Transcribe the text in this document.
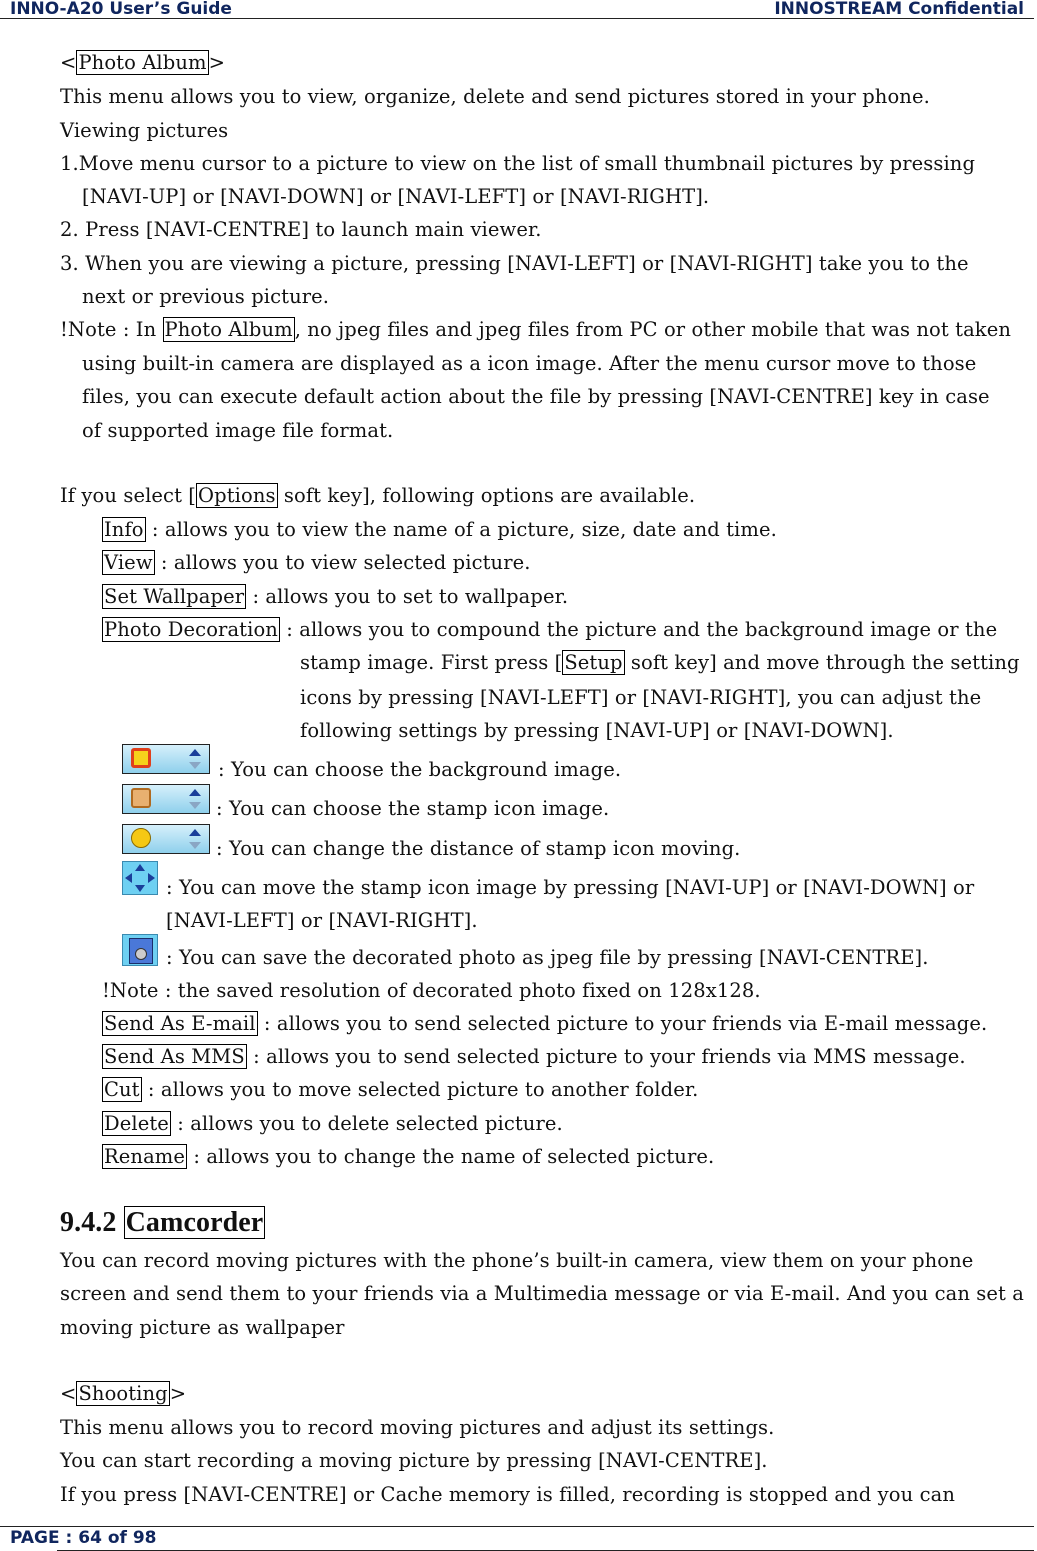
INNO-A20 User’s Guide	INNOSTREAM Confidential
< Photo Album >
This menu allows you to view, organize, delete and send pictures stored in your phone.
Viewing pictures
1.Move menu cursor to a picture to view on the list of small thumbnail pictures by pressing
[NAVI-UP] or [NAVI-DOWN] or [NAVI-LEFT] or [NAVI-RIGHT].
2. Press [NAVI-CENTRE] to launch main viewer.
3. When you are viewing a picture, pressing [NAVI-LEFT] or [NAVI-RIGHT] take you to the
next or previous picture.
!Note : In Photo Album , no jpeg files and jpeg files from PC or other mobile that was not taken
using built-in camera are displayed as a icon image. After the menu cursor move to those
files, you can execute default action about the file by pressing [NAVI-CENTRE] key in case
of supported image file format.
If you select [ Options soft key], following options are available.
Info : allows you to view the name of a picture, size, date and time.
View : allows you to view selected picture.
Set Wallpaper : allows you to set to wallpaper.
Photo Decoration : allows you to compound the picture and the background image or the
stamp image. First press [ Setup soft key] and move through the setting
icons by pressing [NAVI-LEFT] or [NAVI-RIGHT], you can adjust the
following settings by pressing [NAVI-UP] or [NAVI-DOWN].
: You can choose the background image.
: You can choose the stamp icon image.
: You can change the distance of stamp icon moving.
: You can move the stamp icon image by pressing [NAVI-UP] or [NAVI-DOWN] or
[NAVI-LEFT] or [NAVI-RIGHT].
: You can save the decorated photo as jpeg file by pressing [NAVI-CENTRE].
!Note : the saved resolution of decorated photo fixed on 128x128.
Send As E-mail : allows you to send selected picture to your friends via E-mail message.
Send As MMS : allows you to send selected picture to your friends via MMS message.
Cut : allows you to move selected picture to another folder.
Delete : allows you to delete selected picture.
Rename : allows you to change the name of selected picture.
9.4.2 Camcorder
You can record moving pictures with the phone’s built-in camera, view them on your phone
screen and send them to your friends via a Multimedia message or via E-mail. And you can set a
moving picture as wallpaper
< Shooting >
This menu allows you to record moving pictures and adjust its settings.
You can start recording a moving picture by pressing [NAVI-CENTRE].
If you press [NAVI-CENTRE] or Cache memory is filled, recording is stopped and you can
PAGE : 64 of 98
